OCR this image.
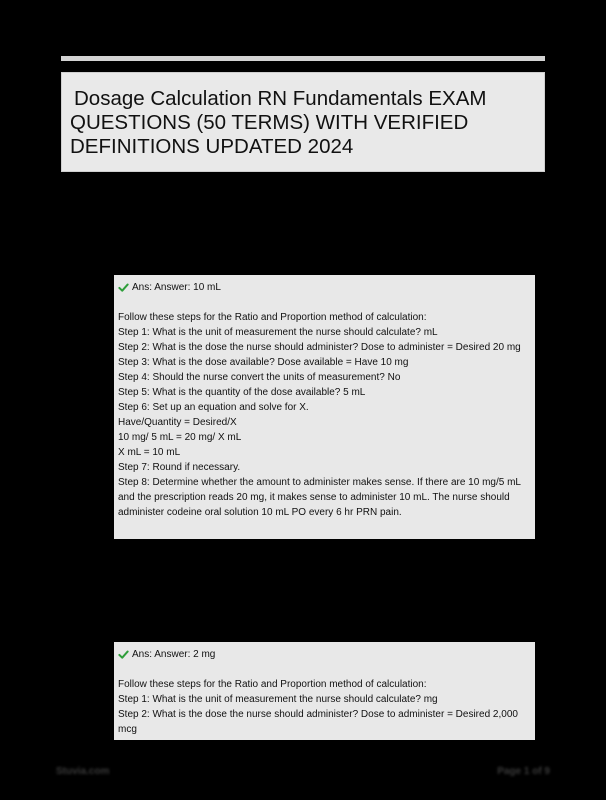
Dosage Calculation RN Fundamentals EXAM
QUESTIONS (50 TERMS) WITH VERIFIED
DEFINITIONS UPDATED 2024
Ans: Answer: 10 mL
Follow these steps for the Ratio and Proportion method of calculation:
Step 1: What is the unit of measurement the nurse should calculate? mL
Step 2: What is the dose the nurse should administer? Dose to administer = Desired 20 mg
Step 3: What is the dose available? Dose available = Have 10 mg
Step 4: Should the nurse convert the units of measurement? No
Step 5: What is the quantity of the dose available? 5 mL
Step 6: Set up an equation and solve for X.
Have/Quantity = Desired/X
10 mg/ 5 mL = 20 mg/ X mL
X mL = 10 mL
Step 7: Round if necessary.
Step 8: Determine whether the amount to administer makes sense. If there are 10 mg/5 mL and the prescription reads 20 mg, it makes sense to administer 10 mL. The nurse should administer codeine oral solution 10 mL PO every 6 hr PRN pain.
Ans: Answer: 2 mg
Follow these steps for the Ratio and Proportion method of calculation:
Step 1: What is the unit of measurement the nurse should calculate? mg
Step 2: What is the dose the nurse should administer? Dose to administer = Desired 2,000 mcg
Stuvia.com	Page 1 of 9
